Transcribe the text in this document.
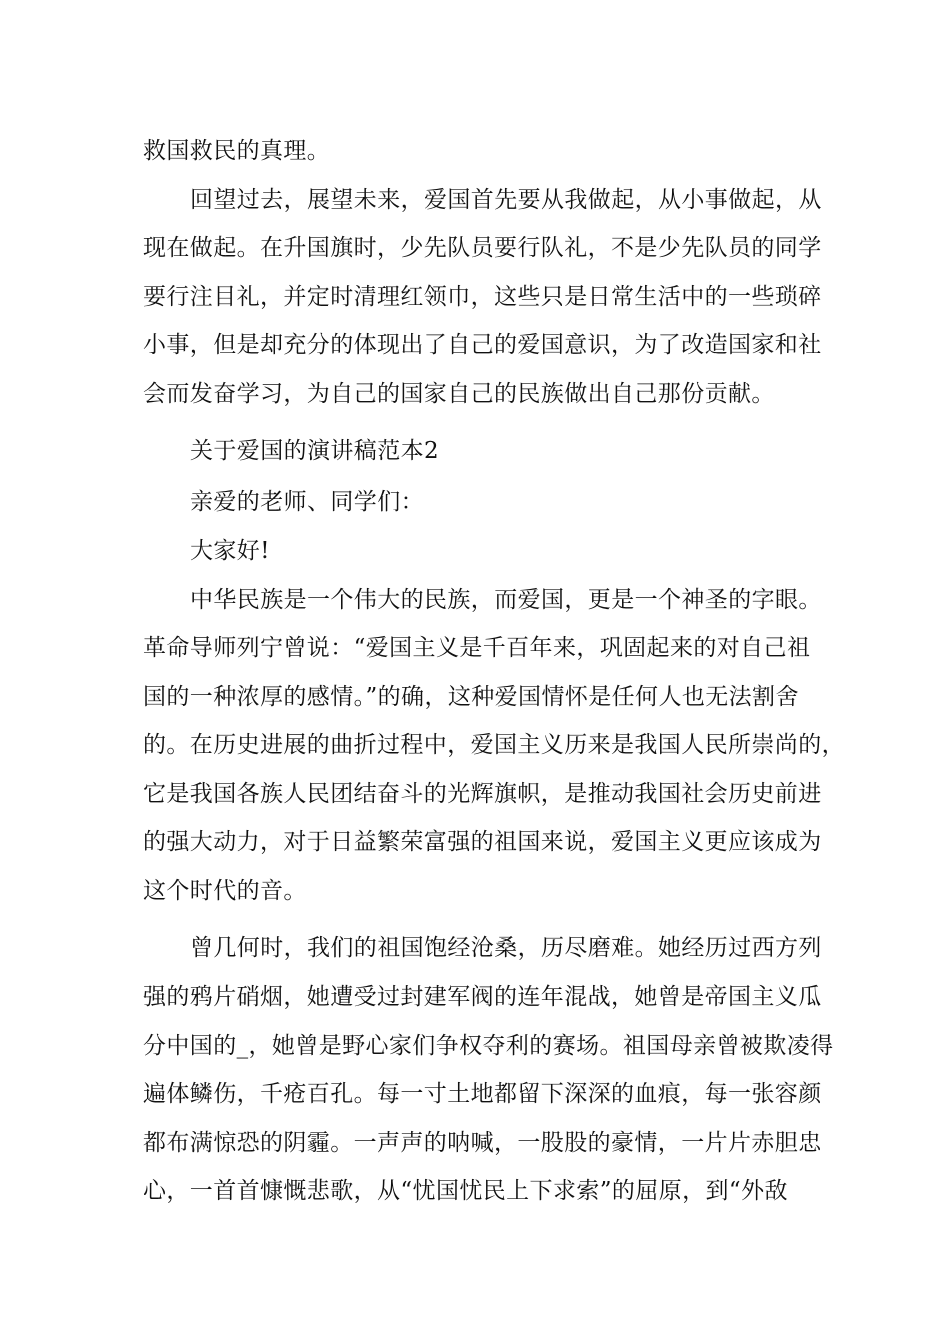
救国救民的真理。
回望过去，展望未来，爱国首先要从我做起，从小事做起，从
现在做起。在升国旗时，少先队员要行队礼，不是少先队员的同学
要行注目礼，并定时清理红领巾，这些只是日常生活中的一些琐碎
小事，但是却充分的体现出了自己的爱国意识，为了改造国家和社
会而发奋学习，为自己的国家自己的民族做出自己那份贡献。
关于爱国的演讲稿范本2
亲爱的老师、同学们：
大家好!
中华民族是一个伟大的民族，而爱国，更是一个神圣的字眼。
革命导师列宁曾说：“爱国主义是千百年来，巩固起来的对自己祖
国的一种浓厚的感情。”的确，这种爱国情怀是任何人也无法割舍
的。在历史进展的曲折过程中，爱国主义历来是我国人民所崇尚的，
它是我国各族人民团结奋斗的光辉旗帜，是推动我国社会历史前进
的强大动力，对于日益繁荣富强的祖国来说，爱国主义更应该成为
这个时代的音。
曾几何时，我们的祖国饱经沧桑，历尽磨难。她经历过西方列
强的鸦片硝烟，她遭受过封建军阀的连年混战，她曾是帝国主义瓜
分中国的_，她曾是野心家们争权夺利的赛场。祖国母亲曾被欺凌得
遍体鳞伤，千疮百孔。每一寸土地都留下深深的血痕，每一张容颜
都布满惊恐的阴霾。一声声的呐喊，一股股的豪情，一片片赤胆忠
心，一首首慷慨悲歌，从“忧国忧民上下求索”的屈原，到“外敌
